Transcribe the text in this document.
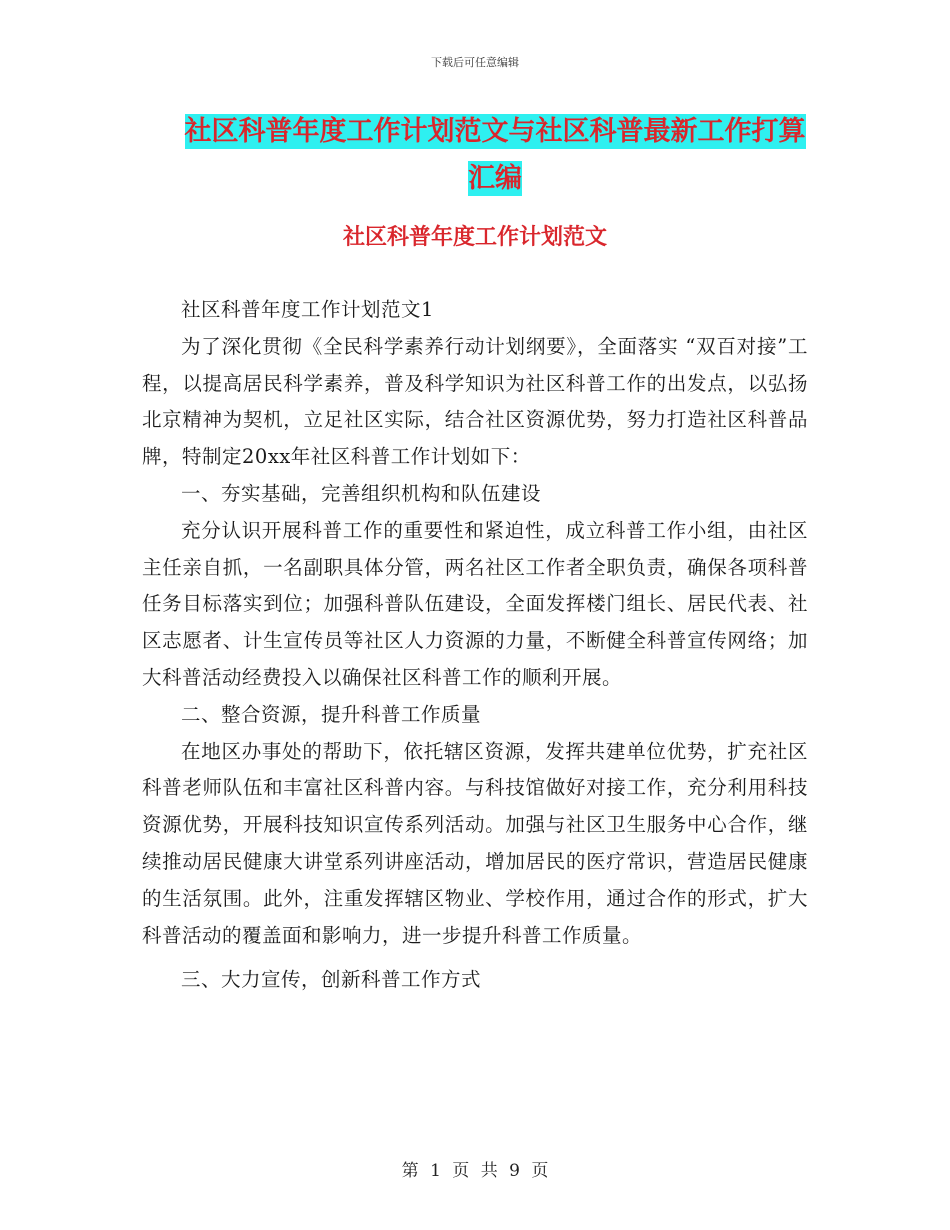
下载后可任意编辑
社区科普年度工作计划范文与社区科普最新工作打算
汇编
社区科普年度工作计划范文

社区科普年度工作计划范文1

为了深化贯彻《全民科学素养行动计划纲要》，全面落实 “双百对接”工程，以提高居民科学素养，普及科学知识为社区科普工作的出发点，以弘扬北京精神为契机，立足社区实际，结合社区资源优势，努力打造社区科普品牌，特制定20xx年社区科普工作计划如下：

一、夯实基础，完善组织机构和队伍建设

充分认识开展科普工作的重要性和紧迫性，成立科普工作小组，由社区主任亲自抓，一名副职具体分管，两名社区工作者全职负责，确保各项科普任务目标落实到位；加强科普队伍建设，全面发挥楼门组长、居民代表、社区志愿者、计生宣传员等社区人力资源的力量，不断健全科普宣传网络；加大科普活动经费投入以确保社区科普工作的顺利开展。

二、整合资源，提升科普工作质量

在地区办事处的帮助下，依托辖区资源，发挥共建单位优势，扩充社区科普老师队伍和丰富社区科普内容。与科技馆做好对接工作，充分利用科技资源优势，开展科技知识宣传系列活动。加强与社区卫生服务中心合作，继续推动居民健康大讲堂系列讲座活动，增加居民的医疗常识，营造居民健康的生活氛围。此外，注重发挥辖区物业、学校作用，通过合作的形式，扩大科普活动的覆盖面和影响力，进一步提升科普工作质量。

三、大力宣传，创新科普工作方式

第 1 页 共 9 页
